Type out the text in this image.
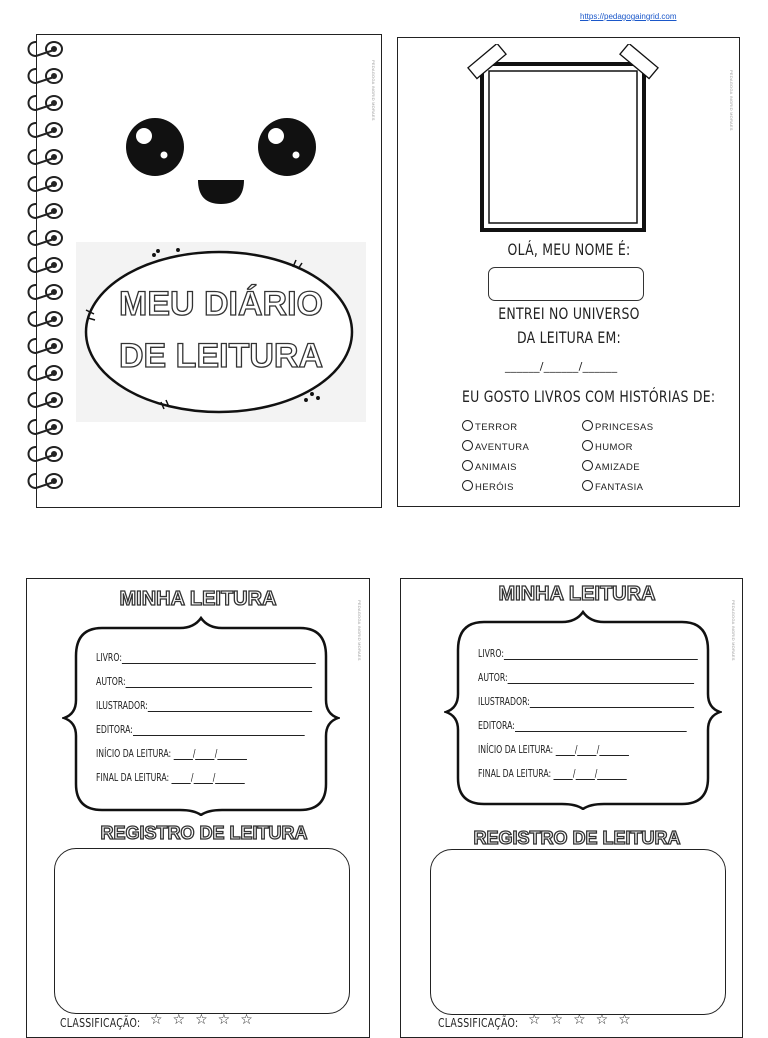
https://pedagogaingrid.com
PEDAGOGA INGRID MORAES
MEU DIÁRIO
DE LEITURA
PEDAGOGA INGRID MORAES
OLÁ, MEU NOME É:
ENTREI NO UNIVERSO
DA LEITURA EM:
______/______/______
EU GOSTO LIVROS COM HISTÓRIAS DE:
TERROR
AVENTURA
ANIMAIS
HERÓIS
PRINCESAS
HUMOR
AMIZADE
FANTASIA
PEDAGOGA INGRID MORAES
MINHA LEITURA
LIVRO:
AUTOR:
ILUSTRADOR:
EDITORA:
INÍCIO DA LEITURA: / /
FINAL DA LEITURA: / /
REGISTRO DE LEITURA
CLASSIFICAÇÃO: ☆☆☆☆☆
PEDAGOGA INGRID MORAES
MINHA LEITURA
LIVRO:
AUTOR:
ILUSTRADOR:
EDITORA:
INÍCIO DA LEITURA: / /
FINAL DA LEITURA: / /
REGISTRO DE LEITURA
CLASSIFICAÇÃO: ☆☆☆☆☆
